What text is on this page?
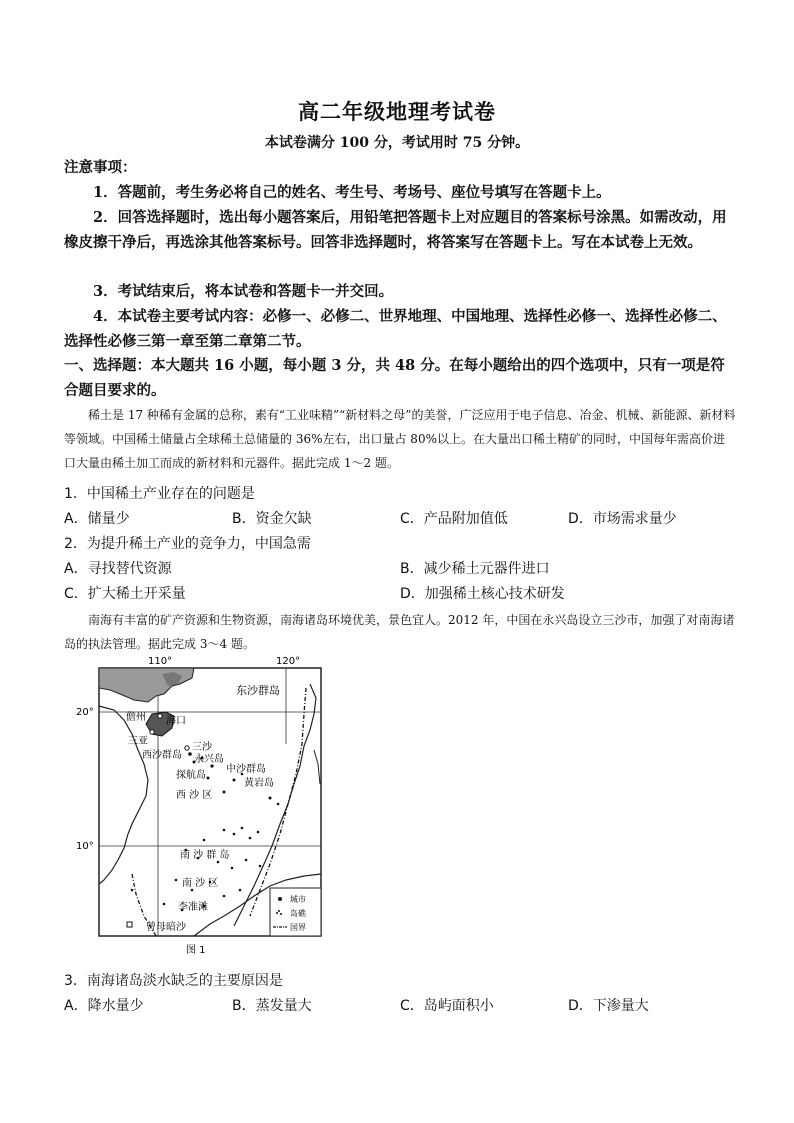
高二年级地理考试卷
本试卷满分 100 分，考试用时 75 分钟。
注意事项：
1．答题前，考生务必将自己的姓名、考生号、考场号、座位号填写在答题卡上。
2．回答选择题时，选出每小题答案后，用铅笔把答题卡上对应题目的答案标号涂黑。如需改动，用橡皮擦干净后，再选涂其他答案标号。回答非选择题时，将答案写在答题卡上。写在本试卷上无效。
3．考试结束后，将本试卷和答题卡一并交回。
4．本试卷主要考试内容：必修一、必修二、世界地理、中国地理、选择性必修一、选择性必修二、选择性必修三第一章至第二章第二节。
一、选择题：本大题共 16 小题，每小题 3 分，共 48 分。在每小题给出的四个选项中，只有一项是符合题目要求的。
稀土是 17 种稀有金属的总称，素有“工业味精”“新材料之母”的美誉，广泛应用于电子信息、冶金、机械、新能源、新材料等领域。中国稀土储量占全球稀土总储量的 36%左右，出口量占 80%以上。在大量出口稀土精矿的同时，中国每年需高价进口大量由稀土加工而成的新材料和元器件。据此完成 1～2 题。
1．中国稀土产业存在的问题是
A．储量少	B．资金欠缺	C．产品附加值低	D．市场需求量少
2．为提升稀土产业的竞争力，中国急需
A．寻找替代资源	B．减少稀土元器件进口
C．扩大稀土开采量	D．加强稀土核心技术研发
南海有丰富的矿产资源和生物资源，南海诸岛环境优美，景色宜人。2012 年，中国在永兴岛设立三沙市，加强了对南海诸岛的执法管理。据此完成 3～4 题。
110°	120°
20°
10°
东沙群岛
儋州 海口
三亚
西沙群岛
三沙
永兴岛
探航岛
中沙群岛
黄岩岛
西 沙 区
南 沙 群 岛
南 沙 区
李准滩
曾母暗沙
城市
岛礁
国界
图 1
3．南海诸岛淡水缺乏的主要原因是
A．降水量少	B．蒸发量大	C．岛屿面积小	D．下渗量大
